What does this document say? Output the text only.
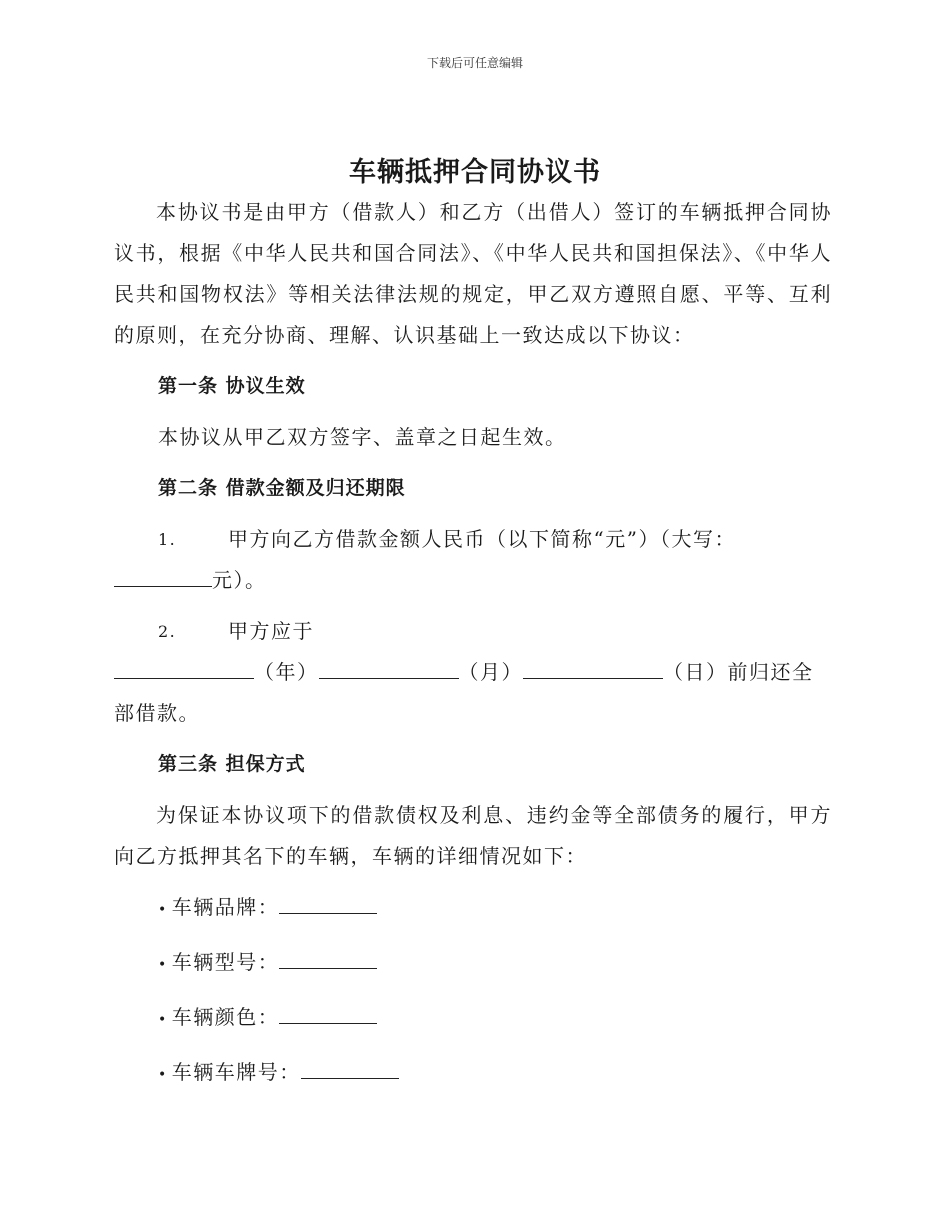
下载后可任意编辑
车辆抵押合同协议书

本协议书是由甲方（借款人）和乙方（出借人）签订的车辆抵押合同协议书，根据《中华人民共和国合同法》、《中华人民共和国担保法》、《中华人民共和国物权法》等相关法律法规的规定，甲乙双方遵照自愿、平等、互利的原则，在充分协商、理解、认识基础上一致达成以下协议：

第一条 协议生效

本协议从甲乙双方签字、盖章之日起生效。

第二条 借款金额及归还期限

1.	甲方向乙方借款金额人民币（以下简称“元”）（大写：

元）。

2.	甲方应于

（年）	（月）	（日）前归还全

部借款。

第三条 担保方式

为保证本协议项下的借款债权及利息、违约金等全部债务的履行，甲方向乙方抵押其名下的车辆，车辆的详细情况如下：

• 车辆品牌：

• 车辆型号：

• 车辆颜色：

• 车辆车牌号：
